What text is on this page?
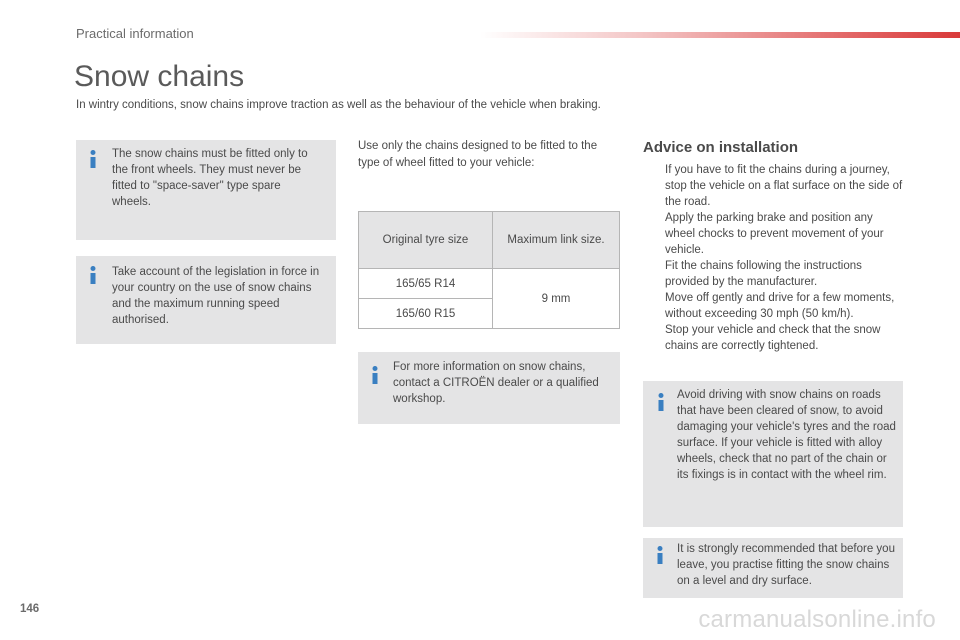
Practical information
Snow chains

In wintry conditions, snow chains improve traction as well as the behaviour of the vehicle when braking.

The snow chains must be fitted only to the front wheels. They must never be fitted to "space-saver" type spare wheels.

Take account of the legislation in force in your country on the use of snow chains and the maximum running speed authorised.

Use only the chains designed to be fitted to the type of wheel fitted to your vehicle:

Original tyre size	Maximum link size.
165/65 R14	9 mm
165/60 R15	

For more information on snow chains, contact a CITROËN dealer or a qualified workshop.

Advice on installation
If you have to fit the chains during a journey, stop the vehicle on a flat surface on the side of the road.
Apply the parking brake and position any wheel chocks to prevent movement of your vehicle.
Fit the chains following the instructions provided by the manufacturer.
Move off gently and drive for a few moments, without exceeding 30 mph (50 km/h).
Stop your vehicle and check that the snow chains are correctly tightened.

Avoid driving with snow chains on roads that have been cleared of snow, to avoid damaging your vehicle's tyres and the road surface. If your vehicle is fitted with alloy wheels, check that no part of the chain or its fixings is in contact with the wheel rim.

It is strongly recommended that before you leave, you practise fitting the snow chains on a level and dry surface.

146	carmanualsonline.info
